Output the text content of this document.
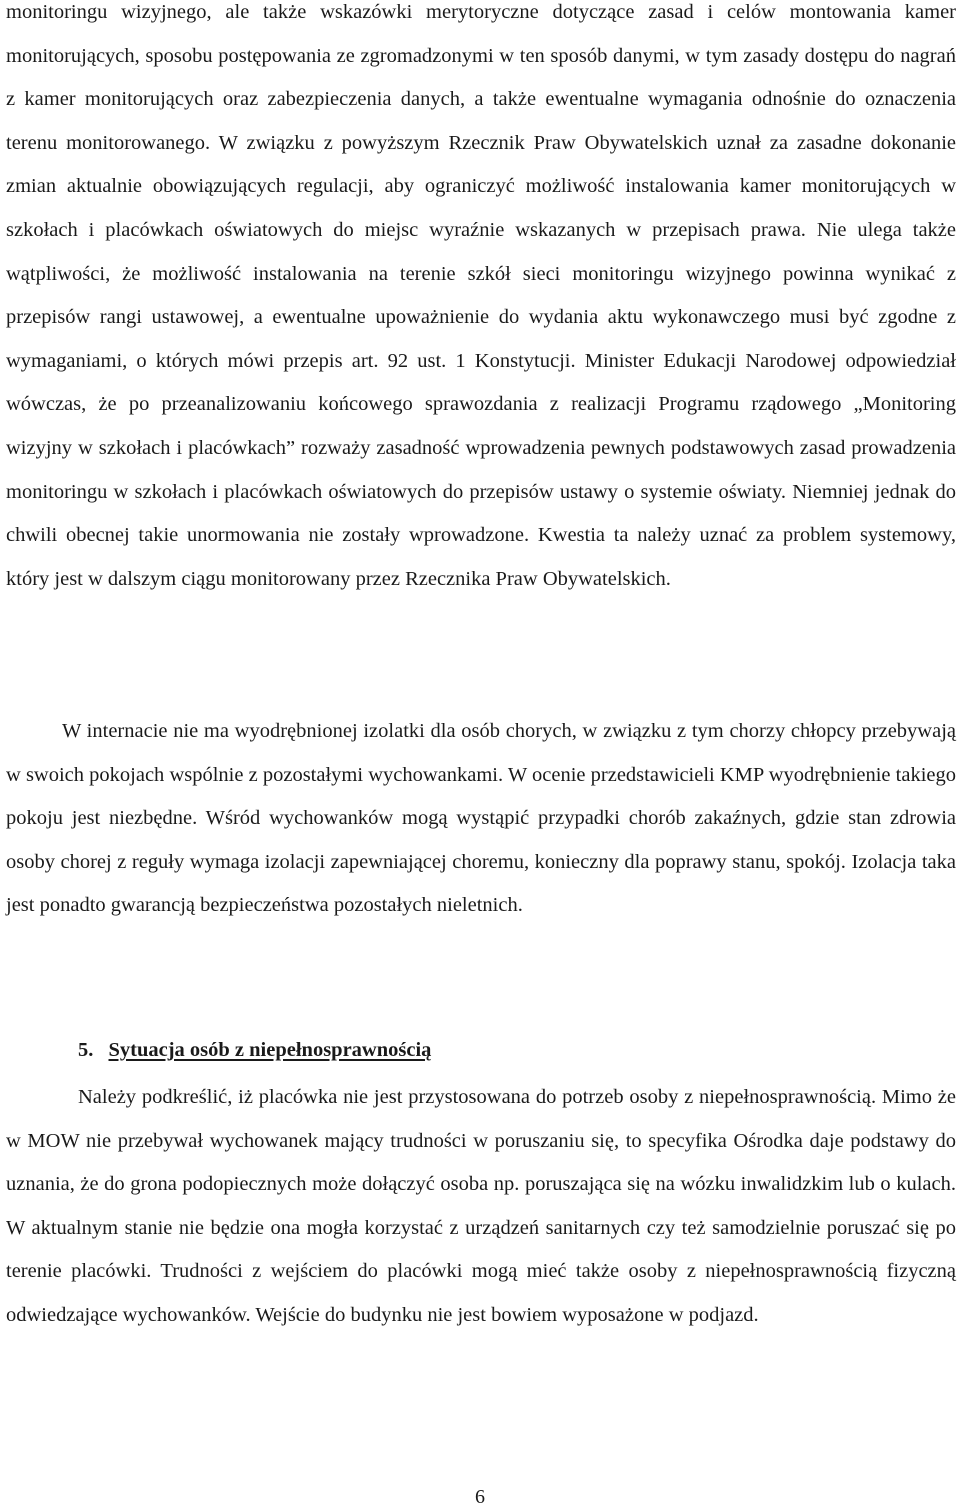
monitoringu wizyjnego, ale także wskazówki merytoryczne dotyczące zasad i celów montowania kamer monitorujących, sposobu postępowania ze zgromadzonymi w ten sposób danymi, w tym zasady dostępu do nagrań z kamer monitorujących oraz zabezpieczenia danych, a także ewentualne wymagania odnośnie do oznaczenia terenu monitorowanego. W związku z powyższym Rzecznik Praw Obywatelskich uznał za zasadne dokonanie zmian aktualnie obowiązujących regulacji, aby ograniczyć możliwość instalowania kamer monitorujących w szkołach i placówkach oświatowych do miejsc wyraźnie wskazanych w przepisach prawa. Nie ulega także wątpliwości, że możliwość instalowania na terenie szkół sieci monitoringu wizyjnego powinna wynikać z przepisów rangi ustawowej, a ewentualne upoważnienie do wydania aktu wykonawczego musi być zgodne z wymaganiami, o których mówi przepis art. 92 ust. 1 Konstytucji. Minister Edukacji Narodowej odpowiedział wówczas, że po przeanalizowaniu końcowego sprawozdania z realizacji Programu rządowego „Monitoring wizyjny w szkołach i placówkach” rozważy zasadność wprowadzenia pewnych podstawowych zasad prowadzenia monitoringu w szkołach i placówkach oświatowych do przepisów ustawy o systemie oświaty. Niemniej jednak do chwili obecnej takie unormowania nie zostały wprowadzone. Kwestia ta należy uznać za problem systemowy, który jest w dalszym ciągu monitorowany przez Rzecznika Praw Obywatelskich.

W internacie nie ma wyodrębnionej izolatki dla osób chorych, w związku z tym chorzy chłopcy przebywają w swoich pokojach wspólnie z pozostałymi wychowankami. W ocenie przedstawicieli KMP wyodrębnienie takiego pokoju jest niezbędne. Wśród wychowanków mogą wystąpić przypadki chorób zakaźnych, gdzie stan zdrowia osoby chorej z reguły wymaga izolacji zapewniającej choremu, konieczny dla poprawy stanu, spokój. Izolacja taka jest ponadto gwarancją bezpieczeństwa pozostałych nieletnich.

5. Sytuacja osób z niepełnosprawnością

Należy podkreślić, iż placówka nie jest przystosowana do potrzeb osoby z niepełnosprawnością. Mimo że w MOW nie przebywał wychowanek mający trudności w poruszaniu się, to specyfika Ośrodka daje podstawy do uznania, że do grona podopiecznych może dołączyć osoba np. poruszająca się na wózku inwalidzkim lub o kulach. W aktualnym stanie nie będzie ona mogła korzystać z urządzeń sanitarnych czy też samodzielnie poruszać się po terenie placówki. Trudności z wejściem do placówki mogą mieć także osoby z niepełnosprawnością fizyczną odwiedzające wychowanków. Wejście do budynku nie jest bowiem wyposażone w podjazd.

6
